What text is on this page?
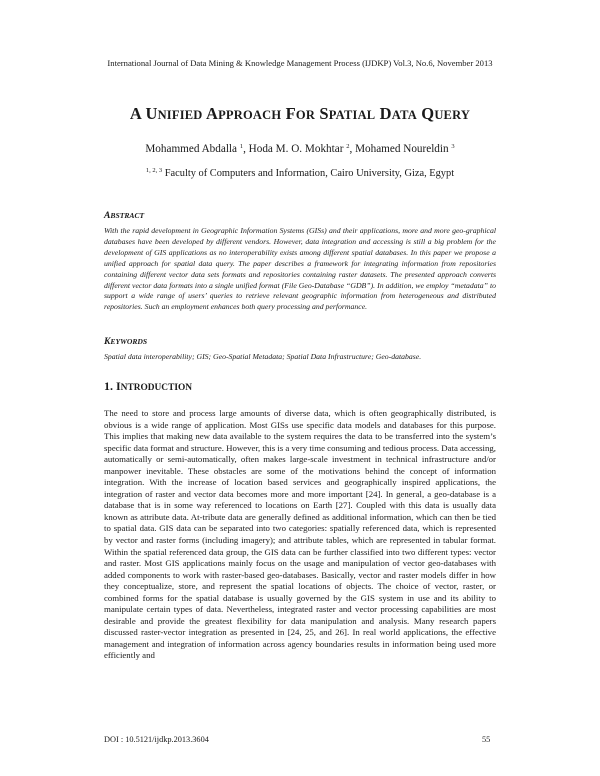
International Journal of Data Mining & Knowledge Management Process (IJDKP) Vol.3, No.6, November 2013
A UNIFIED APPROACH FOR SPATIAL DATA QUERY
Mohammed Abdalla $^1$, Hoda M. O. Mokhtar $^2$, Mohamed Noureldin $^3$
$^{1, 2, 3}$ Faculty of Computers and Information, Cairo University, Giza, Egypt
ABSTRACT
With the rapid development in Geographic Information Systems (GISs) and their applications, more and more geo-graphical databases have been developed by different vendors. However, data integration and accessing is still a big problem for the development of GIS applications as no interoperability exists among different spatial databases. In this paper we propose a unified approach for spatial data query. The paper describes a framework for integrating information from repositories containing different vector data sets formats and repositories containing raster datasets. The presented approach converts different vector data formats into a single unified format (File Geo-Database “GDB”). In addition, we employ “metadata” to support a wide range of users’ queries to retrieve relevant geographic information from heterogeneous and distributed repositories. Such an employment enhances both query processing and performance.
KEYWORDS
Spatial data interoperability; GIS; Geo-Spatial Metadata; Spatial Data Infrastructure; Geo-database.
1. INTRODUCTION
The need to store and process large amounts of diverse data, which is often geographically distributed, is obvious is a wide range of application. Most GISs use specific data models and databases for this purpose. This implies that making new data available to the system requires the data to be transferred into the system’s specific data format and structure. However, this is a very time consuming and tedious process. Data accessing, automatically or semi-automatically, often makes large-scale investment in technical infrastructure and/or manpower inevitable. These obstacles are some of the motivations behind the concept of information integration. With the increase of location based services and geographically inspired applications, the integration of raster and vector data becomes more and more important [24]. In general, a geo-database is a database that is in some way referenced to locations on Earth [27]. Coupled with this data is usually data known as attribute data. At-tribute data are generally defined as additional information, which can then be tied to spatial data. GIS data can be separated into two categories: spatially referenced data, which is represented by vector and raster forms (including imagery); and attribute tables, which are represented in tabular format. Within the spatial referenced data group, the GIS data can be further classified into two different types: vector and raster. Most GIS applications mainly focus on the usage and manipulation of vector geo-databases with added components to work with raster-based geo-databases. Basically, vector and raster models differ in how they conceptualize, store, and represent the spatial locations of objects. The choice of vector, raster, or combined forms for the spatial database is usually governed by the GIS system in use and its ability to manipulate certain types of data. Nevertheless, integrated raster and vector processing capabilities are most desirable and provide the greatest flexibility for data manipulation and analysis. Many research papers discussed raster-vector integration as presented in [24, 25, and 26]. In real world applications, the effective management and integration of information across agency boundaries results in information being used more efficiently and
DOI : 10.5121/ijdkp.2013.3604	55
